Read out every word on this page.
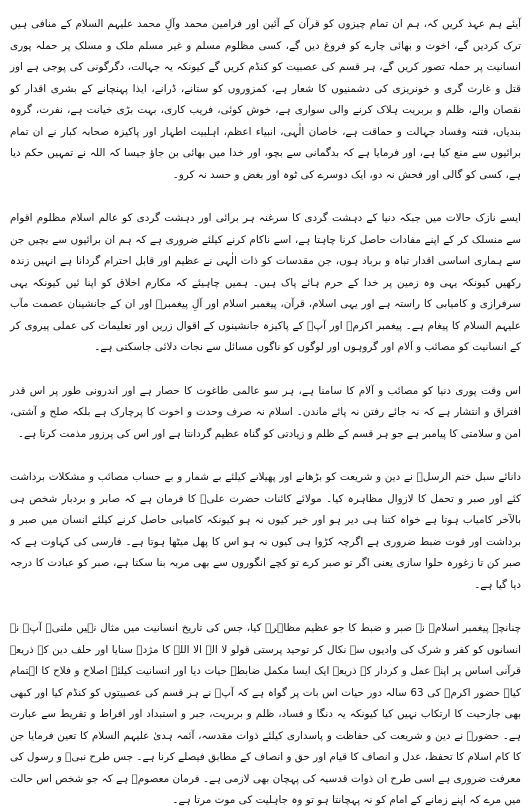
آیئے ہم عہد کریں کہ، ہم ان تمام چیزوں کو قرآن کے آئین اور فرامین محمد وآلِ محمد علیہم السلام کے منافی ہیں ترک کردیں گے، اخوت و بھائی چارے کو فروغ دیں گے، کسی مظلوم مسلم و غیر مسلم ملک و مسلک پر حملہ پوری انسانیت پر حملہ تصور کریں گے، ہر قسم کی عصبیت کو کنڈم کریں گے کیونکہ یہ جہالت، دگرگونی کی پوجی ہے اور قتل و غارت گری و خونریزی کی دشمنیوں کا شعار ہے، کمزوروں کو ستانے، ڈرانے، ایذا پہنچانے کے بشری اقدار کو نقصان والے، ظلم و بربریت ہلاک کرنے والی سواری ہے، خوش کوئی، فریب کاری، بہت بڑی خیانت ہے، نفرت، گروہ بندیاں، فتنہ وفساد جہالت و حماقت ہے، خاصان الٰہی، انبیاء اعظم، اہلبیت اطہار اور پاکیزہ صحابہ کبار نے ان تمام برائیوں سے منع کیا ہے، اور فرمایا ہے کہ بدگمانی سے بچو، اور خدا میں بھائی بن جاؤ جیسا کہ اللہ نے تمہیں حکم دیا ہے، کسی کو گالی اور فحش نہ دو، ایک دوسرے کی ٹوہ اور بغض و حسد نہ کرو۔

ایسے نازک حالات میں جبکہ دنیا کے دہشت گردی کا سرغنہ ہر برائی اور دہشت گردی کو عالم اسلام مظلوم اقوام سے منسلک کر کے اپنے مفادات حاصل کرنا چاہتا ہے، اسے ناکام کرنے کیلئے ضروری ہے کہ ہم ان برائیوں سے بچیں جن سے ہماری اساسی اقدار تباہ و برباد ہوں، جن مقدسات کو ذات الٰہی نے عظیم اور قابل احترام گردانا ہے انہیں زندہ رکھیں کیونکہ یہی وہ زمین پر خدا کے حرم ہائے پاک ہیں۔ ہمیں چاہیئے کہ مکارم اخلاق کو اپنا ئیں کیونکہ یہی سرفرازی و کامیابی کا راستہ ہے اور یہی اسلام، قرآن، پیغمبر اسلام اور آلِ پیغمبرؐ اور ان کے جانشینان عصمت مآب علیہم السلام کا پیغام ہے۔ پیغمبر اکرمؐ اور آپؐ کے پاکیزہ جانشینوں کے اقوال زریں اور تعلیمات کی عملی پیروی کر کے انسانیت کو مصائب و آلام اور گروہوں اور لوگوں کو ناگوں مسائل سے نجات دلائی جاسکتی ہے۔

اس وقت پوری دنیا کو مصائب و آلام کا سامنا ہے، ہر سو عالمی طاغوت کا حصار ہے اور اندرونی طور پر اس قدر افتراق و انتشار ہے کہ نہ جائے رفتن نہ پائے ماندن۔ اسلام نہ صرف وحدت و اخوت کا پرچارک ہے بلکہ صلح و آشتی، امن و سلامتی کا پیامبر ہے جو ہر قسم کے ظلم و زیادتی کو گناہ عظیم گردانتا ہے اور اس کی پرزور مذمت کرتا ہے۔

دانائے سبل ختم الرسلؐ نے دین و شریعت کو بڑھانے اور پھیلانے کیلئے بے شمار و بے حساب مصائب و مشکلات برداشت کئے اور صبر و تحمل کا لازوال مظاہرہ کیا۔ مولائے کائنات حضرت علیؑ کا فرمان ہے کہ صابر و بردبار شخص ہی بالآخر کامیاب ہوتا ہے خواہ کتنا ہی دیر ہو اور خیر کیوں نہ ہو کیونکہ کامیابی حاصل کرنے کیلئے انسان میں صبر و برداشت اور قوت ضبط ضروری ہے اگرچہ کڑوا ہی کیوں نہ ہو اس کا پھل میٹھا ہوتا ہے۔ فارسی کی کہاوت ہے کہ صبر کن تا زغورہ حلوا سازی یعنی اگر تو صبر کرے تو کچے انگوروں سے بھی مربہ بنا سکتا ہے، صبر کو عبادت کا درجہ دیا گیا ہے۔

چنانچہ پیغمبر اسلامؐ نے صبر و ضبط کا جو عظیم مظاہرہ کیا، جس کی تاریخ انسانیت میں مثال نہیں ملتی۔ آپؐ نے انسانوں کو کفر و شرک کی وادیوں سے نکال کر توحید پرستی قولو لا الہ الا اللہ کا مژدہ سنایا اور حلف دین کے ذریعہ قرآنی اساس پر اپنے عمل و کردار کے ذریعہ ایک ایسا مکمل ضابطہ حیات دیا اور انسانیت کیلئے اصلاح و فلاح کا اہتمام کیا۔ حضور اکرمؐ کی 63 سالہ دور حیات اس بات پر گواہ ہے کہ آپؐ نے ہر قسم کی عصبیتوں کو کنڈم کیا اور کبھی بھی جارحیت کا ارتکاب نہیں کیا کیونکہ یہ دنگا و فساد، ظلم و بربریت، جبر و استبداد اور افراط و تفریط سے عبارت ہے۔ حضورؐ نے دین و شریعت کی حفاظت و پاسداری کیلئے ذوات مقدسہ، آئمہ ہدیٰ علیہم السلام کا تعین فرمایا جن کا کام اسلام کا تحفظ، عدل و انصاف کا قیام اور حق و انصاف کے مطابق فیصلے کرنا ہے۔ جس طرح نبیؐ و رسول کی معرفت ضروری ہے اسی طرح ان ذوات قدسیہ کی پہچان بھی لازمی ہے۔ فرمان معصومؑ ہے کہ جو شخص اس حالت میں مرے کہ اپنے زمانے کے امام کو نہ پہچانتا ہو تو وہ جاہلیت کی موت مرتا ہے۔
